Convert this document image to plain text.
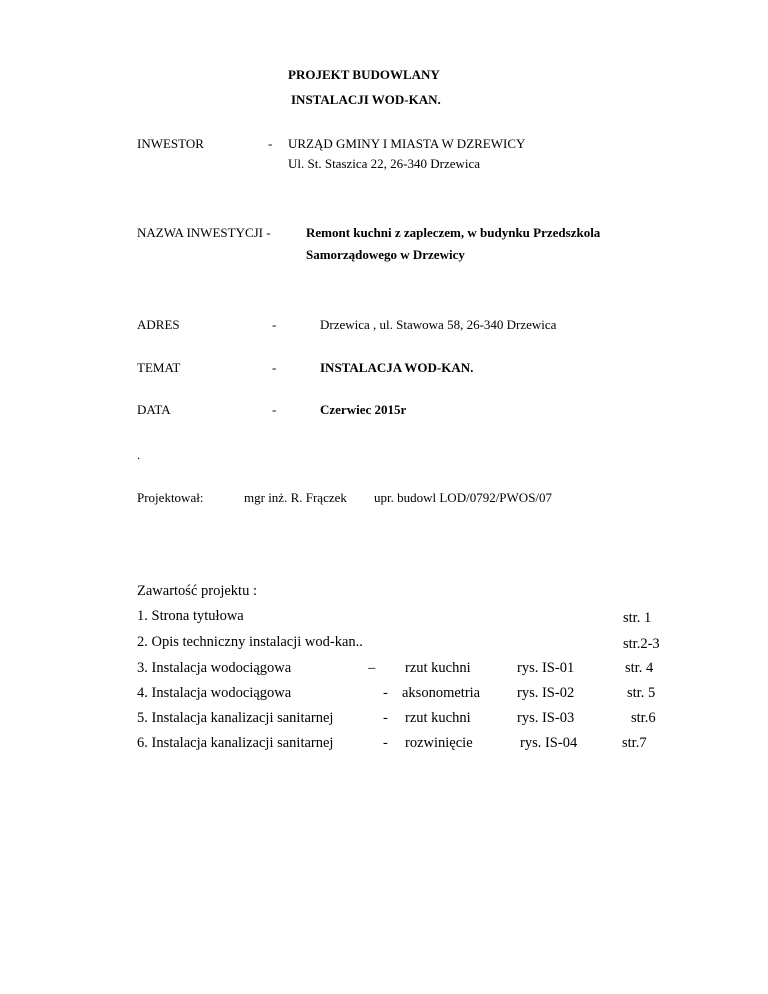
PROJEKT BUDOWLANY
INSTALACJI WOD-KAN.
INWESTOR	- URZĄD GMINY I MIASTA W DZREWICY
Ul. St. Staszica 22, 26-340 Drzewica
NAZWA INWESTYCJI -	Remont kuchni z zapleczem, w budynku Przedszkola
Samorządowego w Drzewicy
ADRES	-	Drzewica , ul. Stawowa 58, 26-340 Drzewica
TEMAT	-	INSTALACJA WOD-KAN.
DATA	-	Czerwiec 2015r
.
Projektował:	mgr inż. R. Frączek upr. budowl LOD/0792/PWOS/07
Zawartość projektu :
1. Strona tytułowa	str. 1
2. Opis techniczny instalacji wod-kan..	str.2-3
3. Instalacja wodociągowa	– rzut kuchni	rys. IS-01	str. 4
4. Instalacja wodociągowa	- aksonometria	rys. IS-02	str. 5
5. Instalacja kanalizacji sanitarnej	- rzut kuchni	rys. IS-03	str.6
6. Instalacja kanalizacji sanitarnej	- rozwinięcie	rys. IS-04	str.7
